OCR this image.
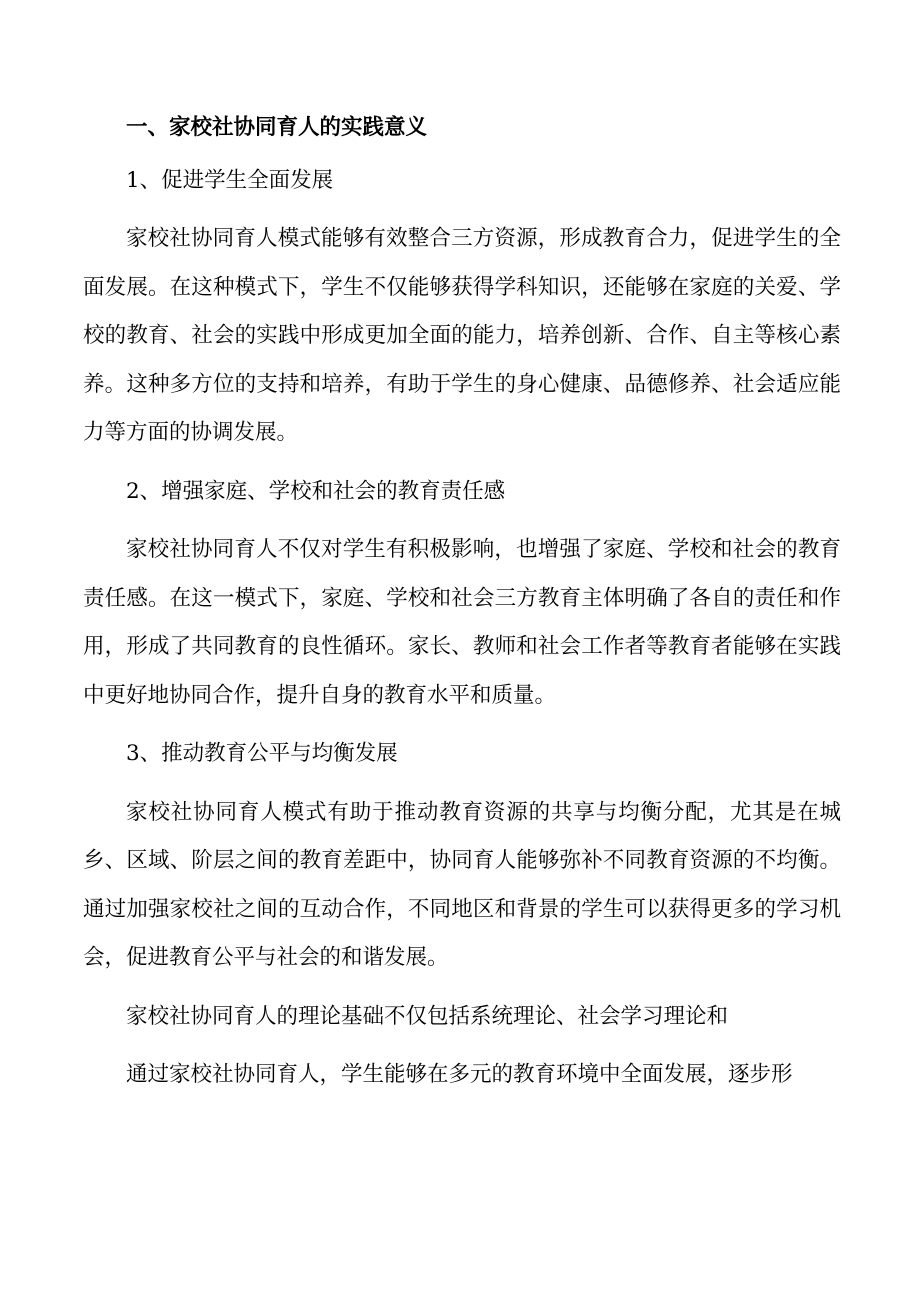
一、家校社协同育人的实践意义

1、促进学生全面发展

家校社协同育人模式能够有效整合三方资源，形成教育合力，促进学生的全面发展。在这种模式下，学生不仅能够获得学科知识，还能够在家庭的关爱、学校的教育、社会的实践中形成更加全面的能力，培养创新、合作、自主等核心素养。这种多方位的支持和培养，有助于学生的身心健康、品德修养、社会适应能力等方面的协调发展。

2、增强家庭、学校和社会的教育责任感

家校社协同育人不仅对学生有积极影响，也增强了家庭、学校和社会的教育责任感。在这一模式下，家庭、学校和社会三方教育主体明确了各自的责任和作用，形成了共同教育的良性循环。家长、教师和社会工作者等教育者能够在实践中更好地协同合作，提升自身的教育水平和质量。

3、推动教育公平与均衡发展

家校社协同育人模式有助于推动教育资源的共享与均衡分配，尤其是在城乡、区域、阶层之间的教育差距中，协同育人能够弥补不同教育资源的不均衡。通过加强家校社之间的互动合作，不同地区和背景的学生可以获得更多的学习机会，促进教育公平与社会的和谐发展。

家校社协同育人的理论基础不仅包括系统理论、社会学习理论和

通过家校社协同育人，学生能够在多元的教育环境中全面发展，逐步形
